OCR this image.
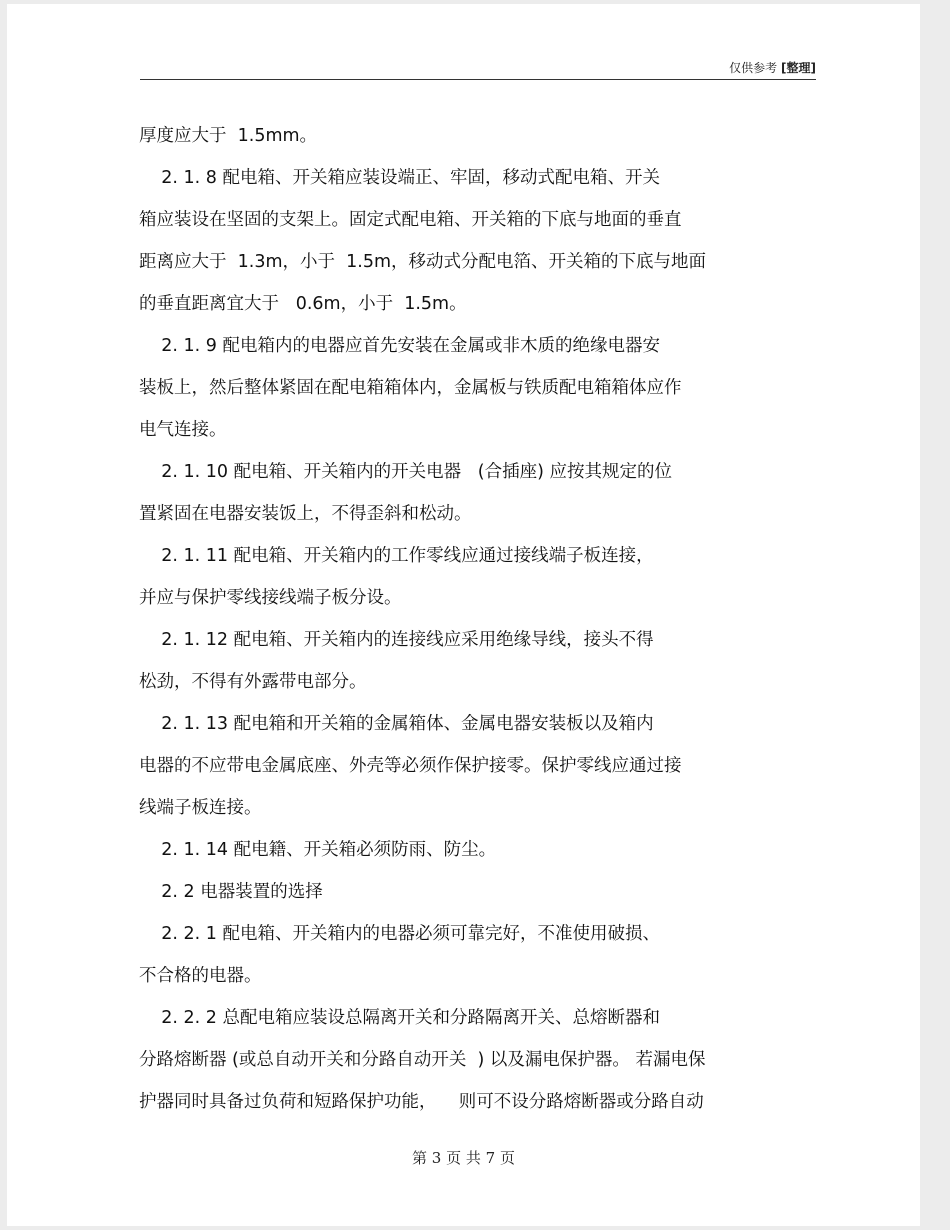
仅供参考 [整理]
厚度应大于  1.5mm。
2. 1. 8 配电箱、开关箱应装设端正、牢固，移动式配电箱、开关
箱应装设在坚固的支架上。固定式配电箱、开关箱的下底与地面的垂直
距离应大于  1.3m，小于  1.5m，移动式分配电箔、开关箱的下底与地面
的垂直距离宜大于   0.6m，小于  1.5m。
2. 1. 9 配电箱内的电器应首先安装在金属或非木质的绝缘电器安
装板上，然后整体紧固在配电箱箱体内，金属板与铁质配电箱箱体应作
电气连接。
2. 1. 10 配电箱、开关箱内的开关电器   (合插座) 应按其规定的位
置紧固在电器安装饭上，不得歪斜和松动。
2. 1. 11 配电箱、开关箱内的工作零线应通过接线端子板连接，
并应与保护零线接线端子板分设。
2. 1. 12 配电箱、开关箱内的连接线应采用绝缘导线，接头不得
松劲，不得有外露带电部分。
2. 1. 13 配电箱和开关箱的金属箱体、金属电器安装板以及箱内
电器的不应带电金属底座、外壳等必须作保护接零。保护零线应通过接
线端子板连接。
2. 1. 14 配电籍、开关箱必须防雨、防尘。
2. 2 电器装置的选择
2. 2. 1 配电箱、开关箱内的电器必须可靠完好，不准使用破损、
不合格的电器。
2. 2. 2 总配电箱应装设总隔离开关和分路隔离开关、总熔断器和
分路熔断器 (或总自动开关和分路自动开关  ) 以及漏电保护器。 若漏电保
护器同时具备过负荷和短路保护功能，    则可不设分路熔断器或分路自动
第 3 页 共 7 页
